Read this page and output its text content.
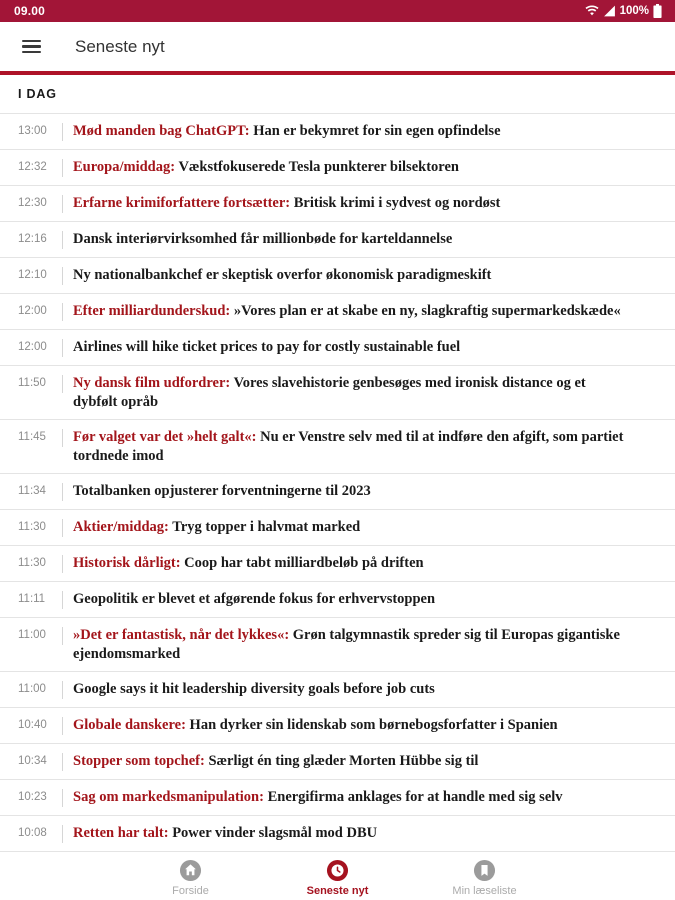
09.00	100%
Seneste nyt
I DAG
13:00	Mød manden bag ChatGPT: Han er bekymret for sin egen opfindelse
12:32	Europa/middag: Vækstfokuserede Tesla punkterer bilsektoren
12:30	Erfarne krimiforfattere fortsætter: Britisk krimi i sydvest og nordøst
12:16	Dansk interiørvirksomhed får millionbøde for karteldannelse
12:10	Ny nationalbankchef er skeptisk overfor økonomisk paradigmeskift
12:00	Efter milliardunderskud: »Vores plan er at skabe en ny, slagkraftig supermarkedskæde«
12:00	Airlines will hike ticket prices to pay for costly sustainable fuel
11:50	Ny dansk film udfordrer: Vores slavehistorie genbesøges med ironisk distance og et dybfølt opråb
11:45	Før valget var det »helt galt«: Nu er Venstre selv med til at indføre den afgift, som partiet tordnede imod
11:34	Totalbanken opjusterer forventningerne til 2023
11:30	Aktier/middag: Tryg topper i halvmat marked
11:30	Historisk dårligt: Coop har tabt milliardbeløb på driften
11:11	Geopolitik er blevet et afgørende fokus for erhvervstoppen
11:00	»Det er fantastisk, når det lykkes«: Grøn talgymnastik spreder sig til Europas gigantiske ejendomsmarked
11:00	Google says it hit leadership diversity goals before job cuts
10:40	Globale danskere: Han dyrker sin lidenskab som børnebogsforfatter i Spanien
10:34	Stopper som topchef: Særligt én ting glæder Morten Hübbe sig til
10:23	Sag om markedsmanipulation: Energifirma anklages for at handle med sig selv
10:08	Retten har talt: Power vinder slagsmål mod DBU
Forside	Seneste nyt	Min læseliste
